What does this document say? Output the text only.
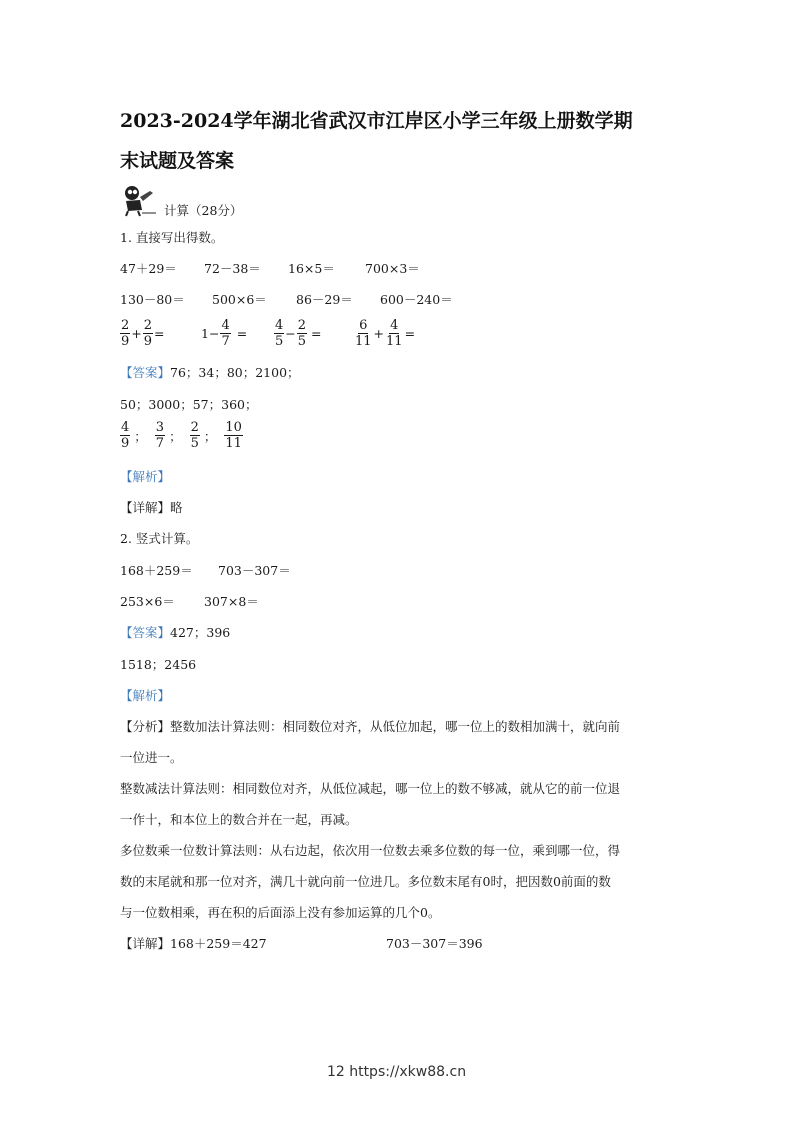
2023-2024学年湖北省武汉市江岸区小学三年级上册数学期
末试题及答案
计算（28分）
1. 直接写出得数。
47＋29＝ 72－38＝ 16×5＝ 700×3＝
130－80＝ 500×6＝ 86－29＝ 600－240＝
$\frac{2}{9} + \frac{2}{9}$ =	$1- \frac{4}{7} = \frac{4}{5} - \frac{2}{5} = \frac{6}{11} + \frac{4}{11}$ =
【答案】76；34；80；2100；
50；3000；57；360；
$\frac{4}{9}$ ； $\frac{3}{7}$ ； $\frac{2}{5}$ ； $\frac{10}{11}$
【解析】
【详解】略
2. 竖式计算。
168＋259＝ 703－307＝
253×6＝ 307×8＝
【答案】427；396
1518；2456
【解析】
【分析】整数加法计算法则：相同数位对齐，从低位加起，哪一位上的数相加满十，就向前
一位进一。
整数减法计算法则：相同数位对齐，从低位减起，哪一位上的数不够减，就从它的前一位退
一作十，和本位上的数合并在一起，再减。
多位数乘一位数计算法则：从右边起，依次用一位数去乘多位数的每一位，乘到哪一位，得
数的末尾就和那一位对齐，满几十就向前一位进几。多位数末尾有0时，把因数0前面的数
与一位数相乘，再在积的后面添上没有参加运算的几个0。
【详解】168＋259＝427	703－307＝396
12 https://xkw88.cn
